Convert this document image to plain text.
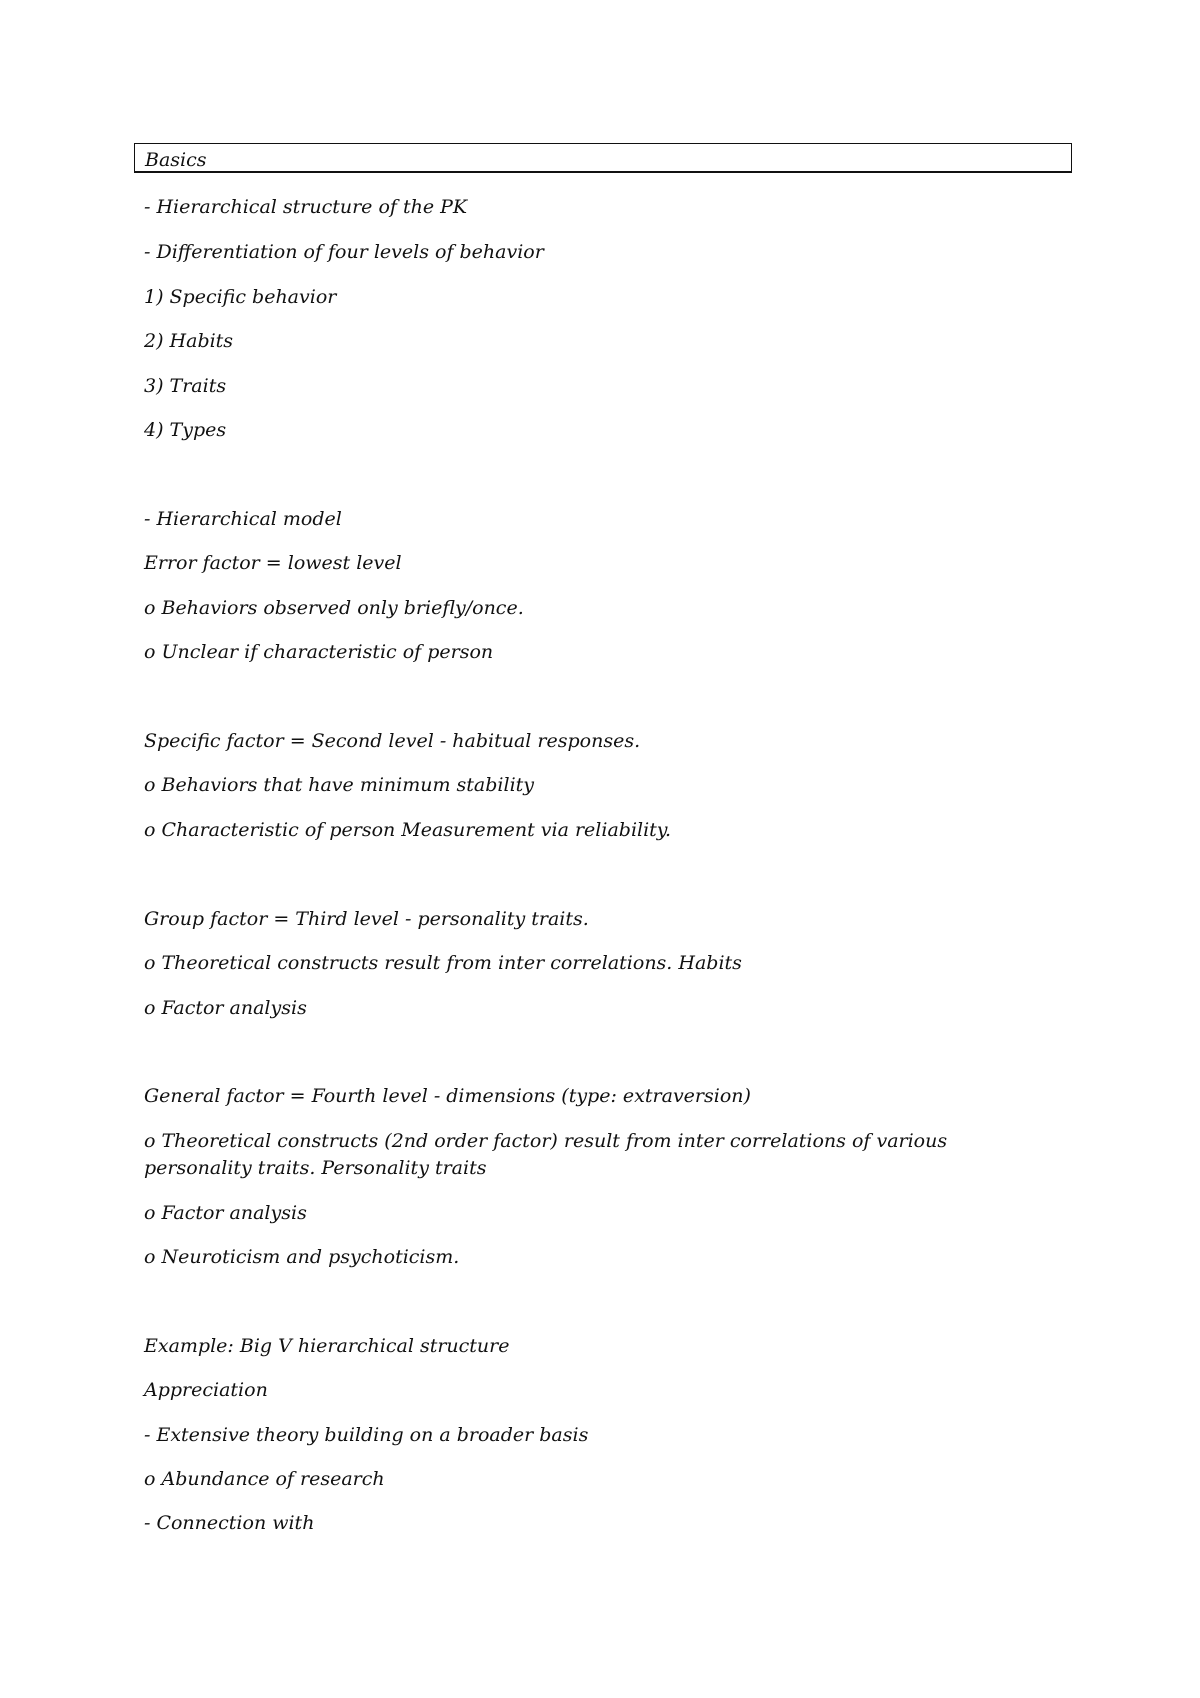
Basics
- Hierarchical structure of the PK
- Differentiation of four levels of behavior
1) Specific behavior
2) Habits
3) Traits
4) Types
- Hierarchical model
Error factor = lowest level
o Behaviors observed only briefly/once.
o Unclear if characteristic of person
Specific factor = Second level - habitual responses.
o Behaviors that have minimum stability
o Characteristic of person Measurement via reliability.
Group factor = Third level - personality traits.
o Theoretical constructs result from inter correlations. Habits
o Factor analysis
General factor = Fourth level - dimensions (type: extraversion)
o Theoretical constructs (2nd order factor) result from inter correlations of various personality traits. Personality traits
o Factor analysis
o Neuroticism and psychoticism.
Example: Big V hierarchical structure
Appreciation
- Extensive theory building on a broader basis
o Abundance of research
- Connection with
